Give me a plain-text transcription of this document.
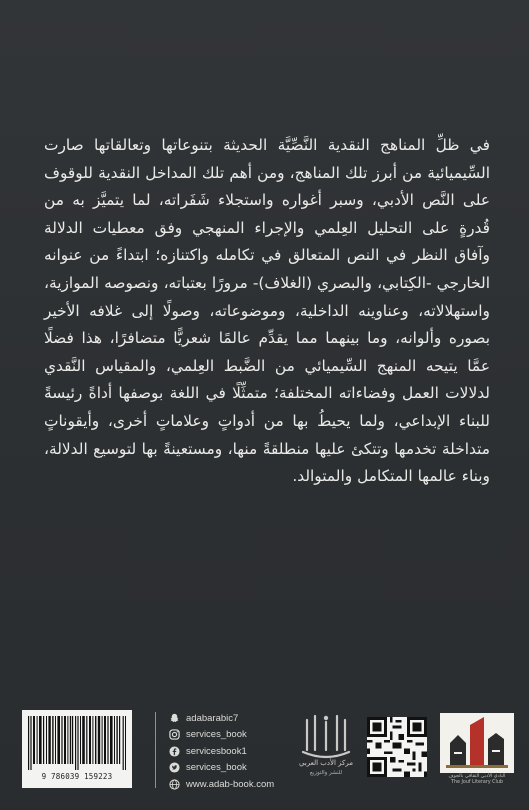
في ظلِّ المناهج النقدية النَّصِّيَّة الحديثة بتنوعاتها وتعالقاتها صارت السِّيميائية من أبرز تلك المناهج، ومن أهم تلك المداخل النقدية للوقوف على النَّص الأدبي، وسبر أغواره واستجلاء شَفَراته، لما يتميَّز به من قُدرةٍ على التحليل العِلمي والإجراء المنهجي وفق معطيات الدلالة وآفاق النظر في النص المتعالق في تكامله واكتنازه؛ ابتداءً من عنوانه الخارجي -الكِتابي، والبصري (الغلاف)- مرورًا بعتباته، ونصوصه الموازية، واستهلالاته، وعناوينه الداخلية، وموضوعاته، وصولًا إلى غلافه الأخير بصوره وألوانه، وما بينهما مما يقدِّم عالمًا شعريًّا متضافرًا، هذا فضلًا عمَّا يتيحه المنهج السِّيميائي من الضَّبط العِلمي، والمقياس النَّقدي لدلالات العمل وفضاءاته المختلفة؛ متمثِّلًا في اللغة بوصفها أداةً رئيسةً للبناء الإبداعي، ولما يحيطُ بها من أدواتٍ وعلاماتٍ أخرى، وأيقوناتٍ متداخلة تخدمها وتتكئ عليها منطلقةً منها، ومستعينةً بها لتوسيع الدلالة، وبناء عالمها المتكامل والمتوالد.

9 786039 159223
adabarabic7
services_book
servicesbook1
services_book
www.adab-book.com
مركز الأدب العربي
للنشر والتوزيع
النادي الأدبي الثقافي بالجوف
The Jouf Literary Club
